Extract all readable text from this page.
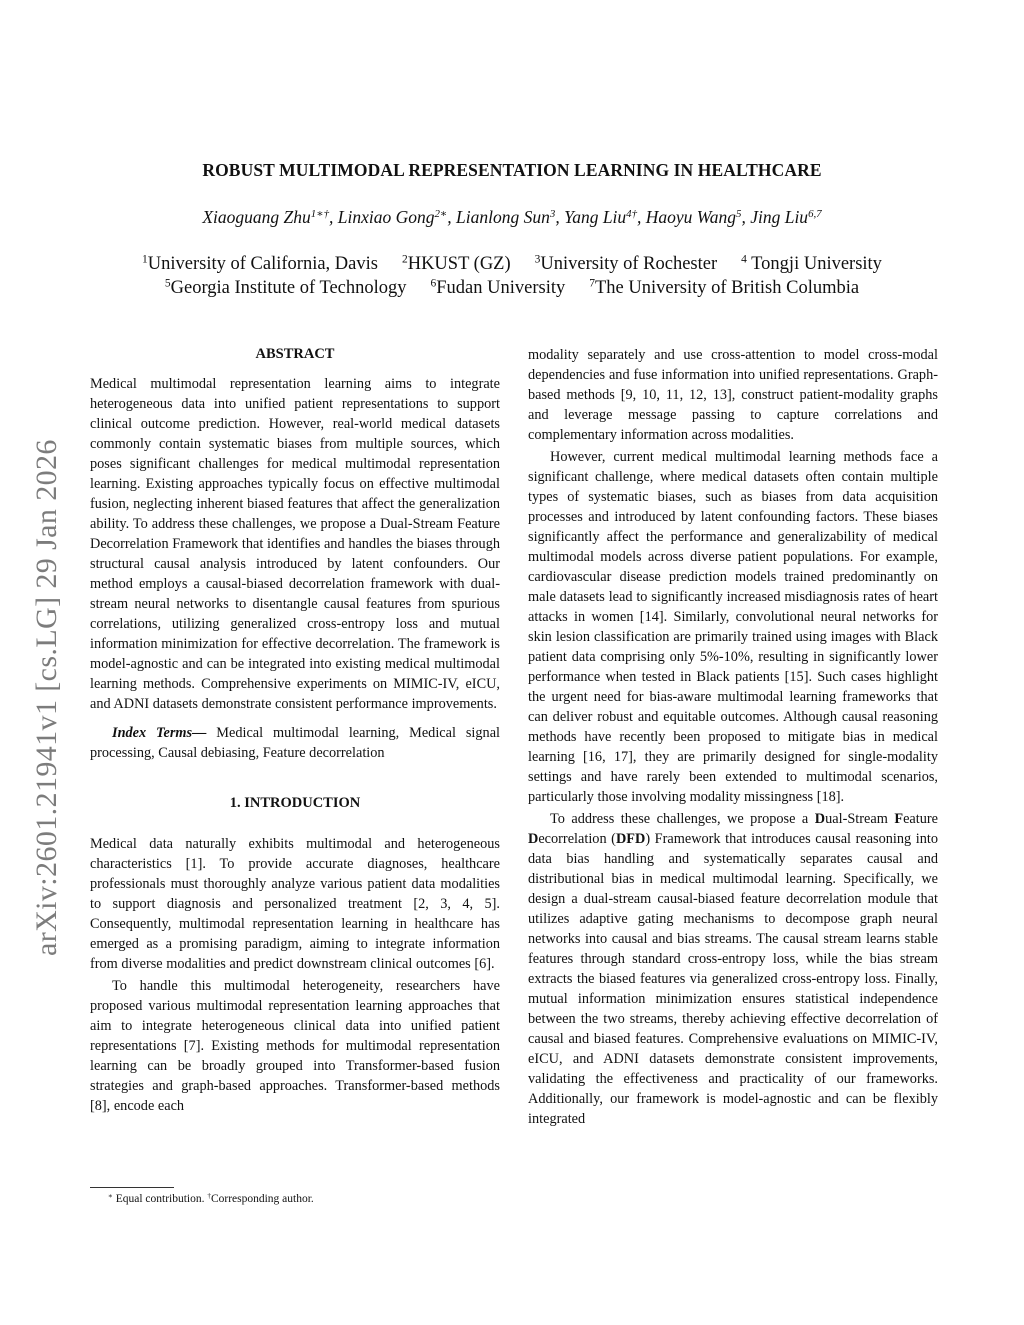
ROBUST MULTIMODAL REPRESENTATION LEARNING IN HEALTHCARE
Xiaoguang Zhu$^{1∗\dagger}$, Linxiao Gong$^{2∗}$, Lianlong Sun$^3$, Yang Liu$^{4\dagger}$, Haoyu Wang$^5$, Jing Liu$^{6,7}$
$^1$University of California, Davis $^2$HKUST (GZ) $^3$University of Rochester $^4$ Tongji University
$^5$Georgia Institute of Technology $^6$Fudan University $^7$The University of British Columbia
arXiv:2601.21941v1 [cs.LG] 29 Jan 2026
ABSTRACT

Medical multimodal representation learning aims to integrate heterogeneous data into unified patient representations to support clinical outcome prediction. However, real-world medical datasets commonly contain systematic biases from multiple sources, which poses significant challenges for medical multimodal representation learning. Existing approaches typically focus on effective multimodal fusion, neglecting inherent biased features that affect the generalization ability. To address these challenges, we propose a Dual-Stream Feature Decorrelation Framework that identifies and handles the biases through structural causal analysis introduced by latent confounders. Our method employs a causal-biased decorrelation framework with dual-stream neural networks to disentangle causal features from spurious correlations, utilizing generalized cross-entropy loss and mutual information minimization for effective decorrelation. The framework is model-agnostic and can be integrated into existing medical multimodal learning methods. Comprehensive experiments on MIMIC-IV, eICU, and ADNI datasets demonstrate consistent performance improvements.

Index Terms— Medical multimodal learning, Medical signal processing, Causal debiasing, Feature decorrelation

1. INTRODUCTION

Medical data naturally exhibits multimodal and heterogeneous characteristics [1]. To provide accurate diagnoses, healthcare professionals must thoroughly analyze various patient data modalities to support diagnosis and personalized treatment [2, 3, 4, 5]. Consequently, multimodal representation learning in healthcare has emerged as a promising paradigm, aiming to integrate information from diverse modalities and predict downstream clinical outcomes [6].

To handle this multimodal heterogeneity, researchers have proposed various multimodal representation learning approaches that aim to integrate heterogeneous clinical data into unified patient representations [7]. Existing methods for multimodal representation learning can be broadly grouped into Transformer-based fusion strategies and graph-based approaches. Transformer-based methods [8], encode each

∗ Equal contribution. †Corresponding author.

modality separately and use cross-attention to model cross-modal dependencies and fuse information into unified representations. Graph-based methods [9, 10, 11, 12, 13], construct patient-modality graphs and leverage message passing to capture correlations and complementary information across modalities.

However, current medical multimodal learning methods face a significant challenge, where medical datasets often contain multiple types of systematic biases, such as biases from data acquisition processes and introduced by latent confounding factors. These biases significantly affect the performance and generalizability of medical multimodal models across diverse patient populations. For example, cardiovascular disease prediction models trained predominantly on male datasets lead to significantly increased misdiagnosis rates of heart attacks in women [14]. Similarly, convolutional neural networks for skin lesion classification are primarily trained using images with Black patient data comprising only 5%-10%, resulting in significantly lower performance when tested in Black patients [15]. Such cases highlight the urgent need for bias-aware multimodal learning frameworks that can deliver robust and equitable outcomes. Although causal reasoning methods have recently been proposed to mitigate bias in medical learning [16, 17], they are primarily designed for single-modality settings and have rarely been extended to multimodal scenarios, particularly those involving modality missingness [18].

To address these challenges, we propose a Dual-Stream Feature Decorrelation (DFD) Framework that introduces causal reasoning into data bias handling and systematically separates causal and distributional bias in medical multimodal learning. Specifically, we design a dual-stream causal-biased feature decorrelation module that utilizes adaptive gating mechanisms to decompose graph neural networks into causal and bias streams. The causal stream learns stable features through standard cross-entropy loss, while the bias stream extracts the biased features via generalized cross-entropy loss. Finally, mutual information minimization ensures statistical independence between the two streams, thereby achieving effective decorrelation of causal and biased features. Comprehensive evaluations on MIMIC-IV, eICU, and ADNI datasets demonstrate consistent improvements, validating the effectiveness and practicality of our frameworks. Additionally, our framework is model-agnostic and can be flexibly integrated
